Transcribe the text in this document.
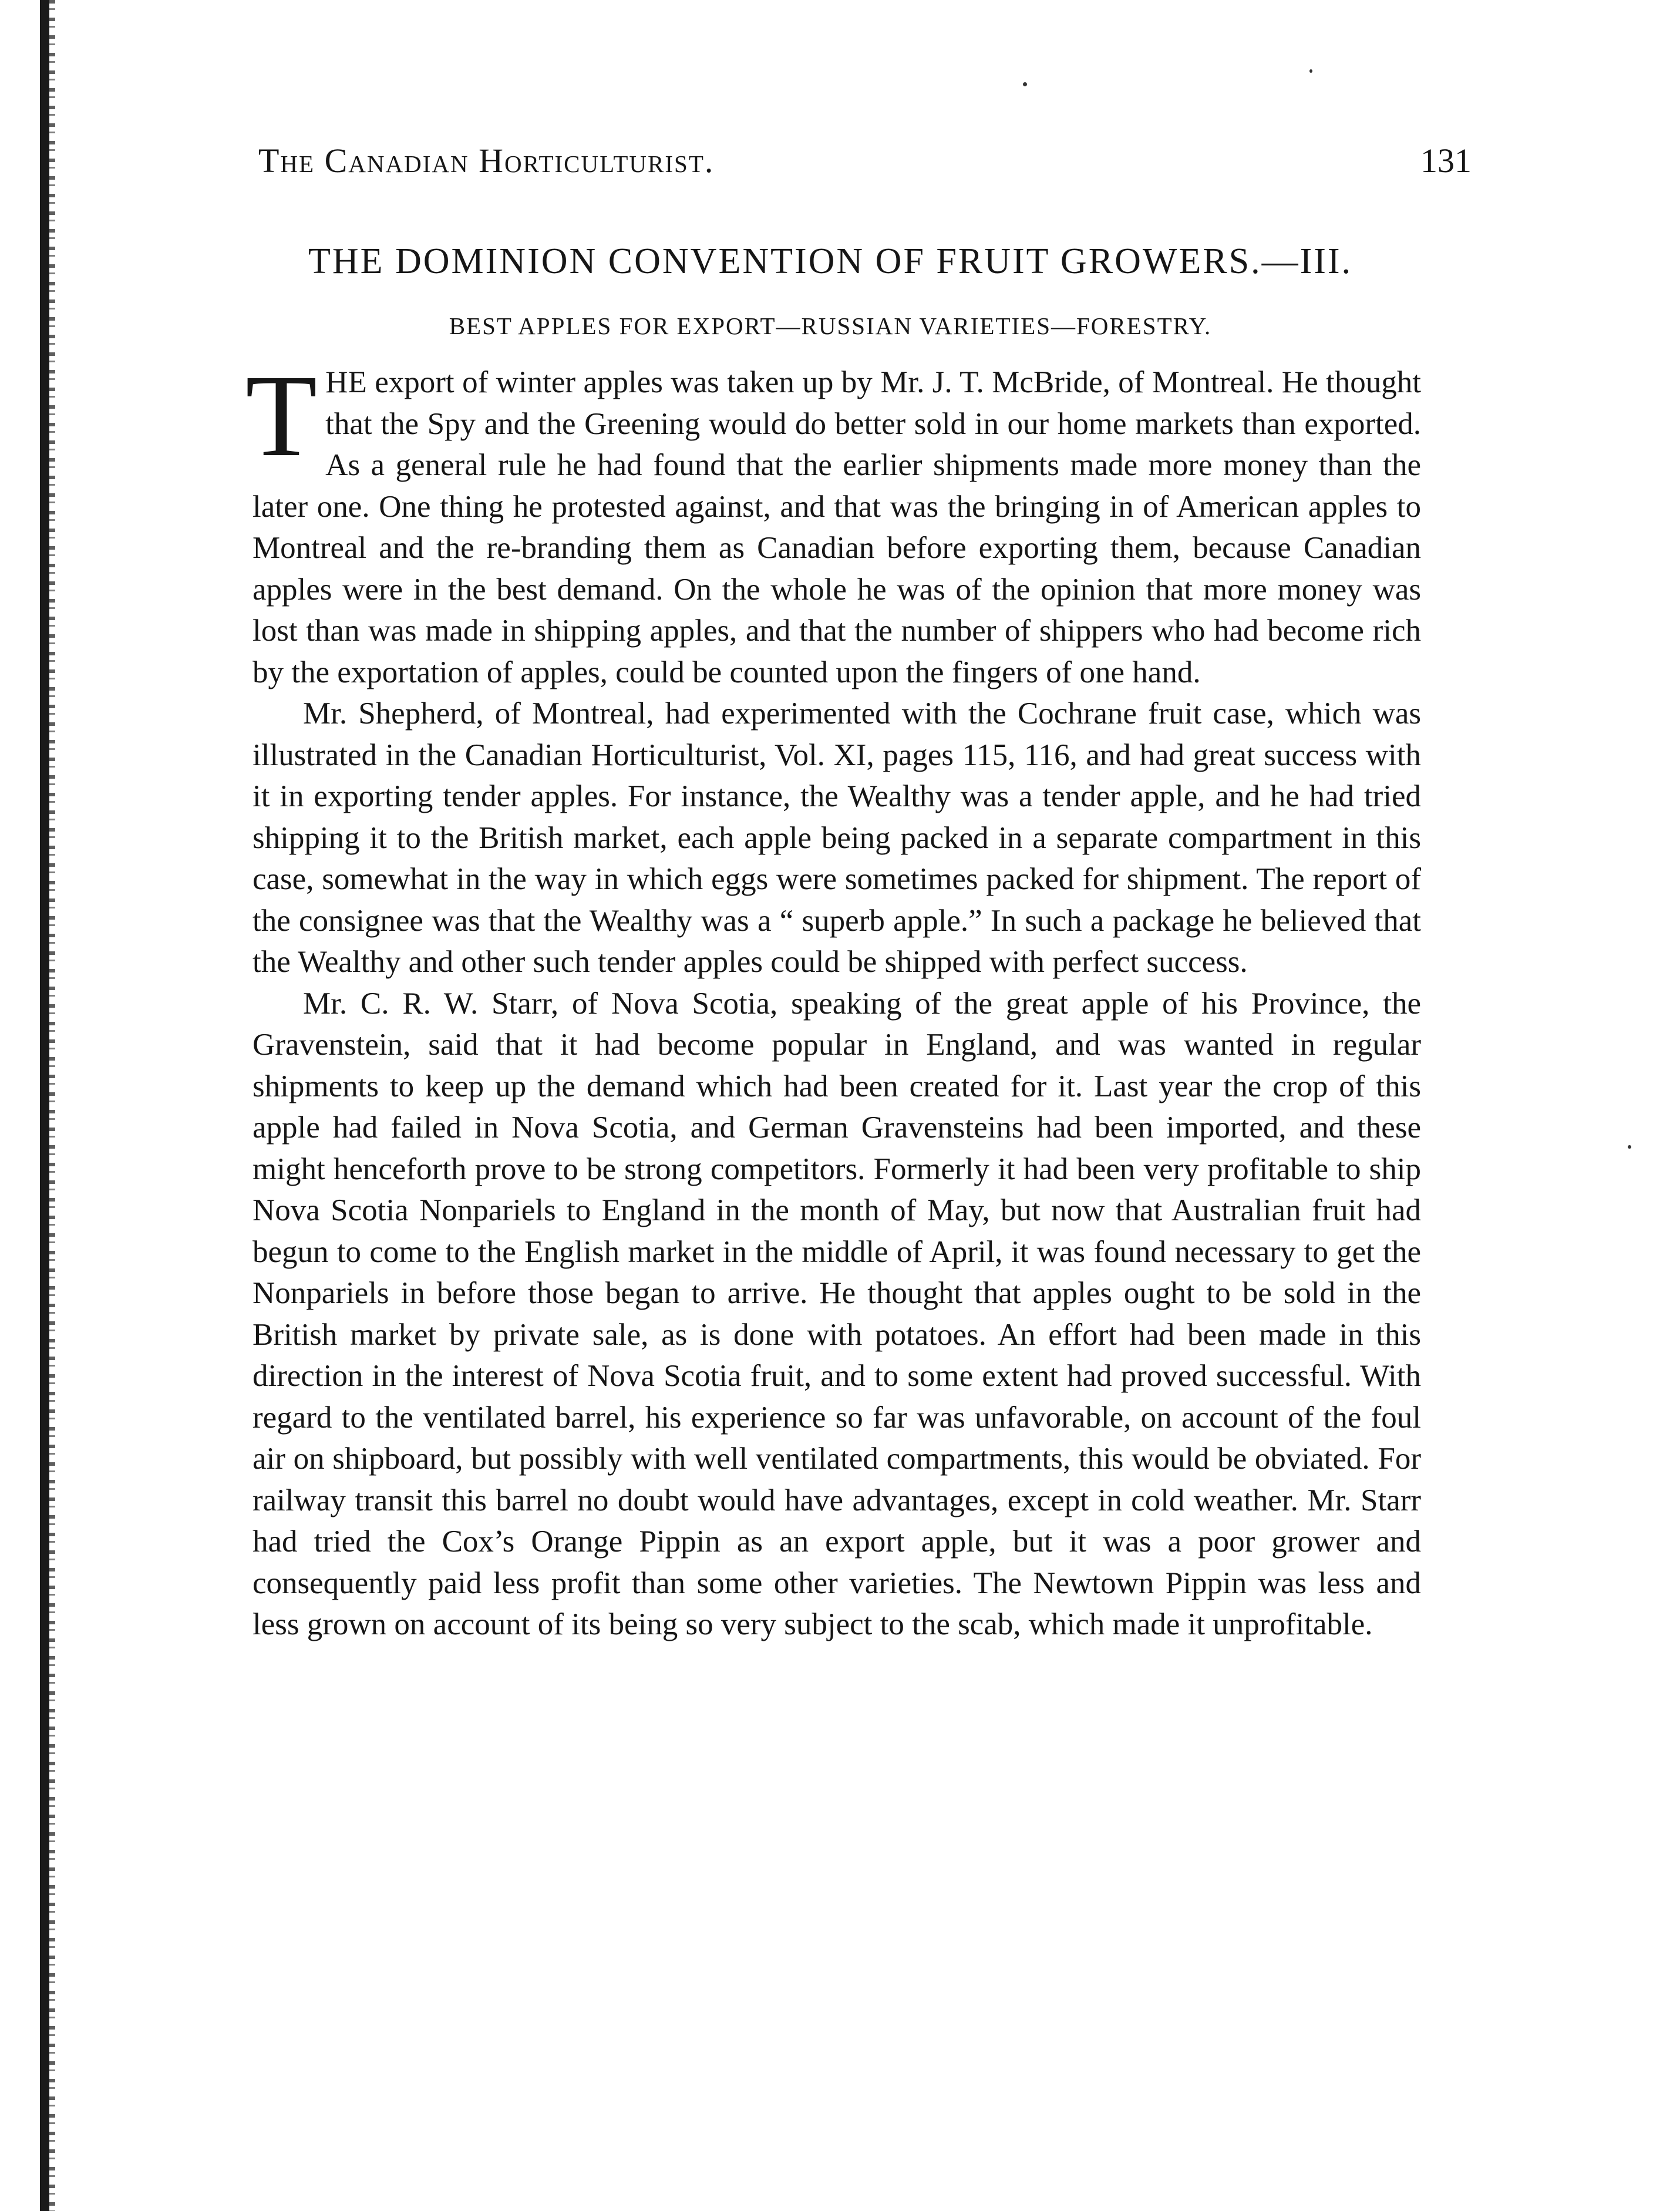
The Canadian Horticulturist.	131
THE DOMINION CONVENTION OF FRUIT GROWERS.—III.
BEST APPLES FOR EXPORT—RUSSIAN VARIETIES—FORESTRY.

THE export of winter apples was taken up by Mr. J. T. McBride, of Montreal. He thought that the Spy and the Greening would do better sold in our home markets than exported. As a general rule he had found that the earlier shipments made more money than the later one. One thing he protested against, and that was the bringing in of American apples to Montreal and the re-branding them as Canadian before exporting them, because Canadian apples were in the best demand. On the whole he was of the opinion that more money was lost than was made in shipping apples, and that the number of shippers who had become rich by the exportation of apples, could be counted upon the fingers of one hand.

Mr. Shepherd, of Montreal, had experimented with the Cochrane fruit case, which was illustrated in the Canadian Horticulturist, Vol. XI, pages 115, 116, and had great success with it in exporting tender apples. For instance, the Wealthy was a tender apple, and he had tried shipping it to the British market, each apple being packed in a separate compartment in this case, somewhat in the way in which eggs were sometimes packed for shipment. The report of the consignee was that the Wealthy was a “ superb apple.” In such a package he believed that the Wealthy and other such tender apples could be shipped with perfect success.

Mr. C. R. W. Starr, of Nova Scotia, speaking of the great apple of his Province, the Gravenstein, said that it had become popular in England, and was wanted in regular shipments to keep up the demand which had been created for it. Last year the crop of this apple had failed in Nova Scotia, and German Gravensteins had been imported, and these might henceforth prove to be strong competitors. Formerly it had been very profitable to ship Nova Scotia Nonpariels to England in the month of May, but now that Australian fruit had begun to come to the English market in the middle of April, it was found necessary to get the Nonpariels in before those began to arrive. He thought that apples ought to be sold in the British market by private sale, as is done with potatoes. An effort had been made in this direction in the interest of Nova Scotia fruit, and to some extent had proved successful. With regard to the ventilated barrel, his experience so far was unfavorable, on account of the foul air on shipboard, but possibly with well ventilated compartments, this would be obviated. For railway transit this barrel no doubt would have advantages, except in cold weather. Mr. Starr had tried the Cox’s Orange Pippin as an export apple, but it was a poor grower and consequently paid less profit than some other varieties. The Newtown Pippin was less and less grown on account of its being so very subject to the scab, which made it unprofitable.
